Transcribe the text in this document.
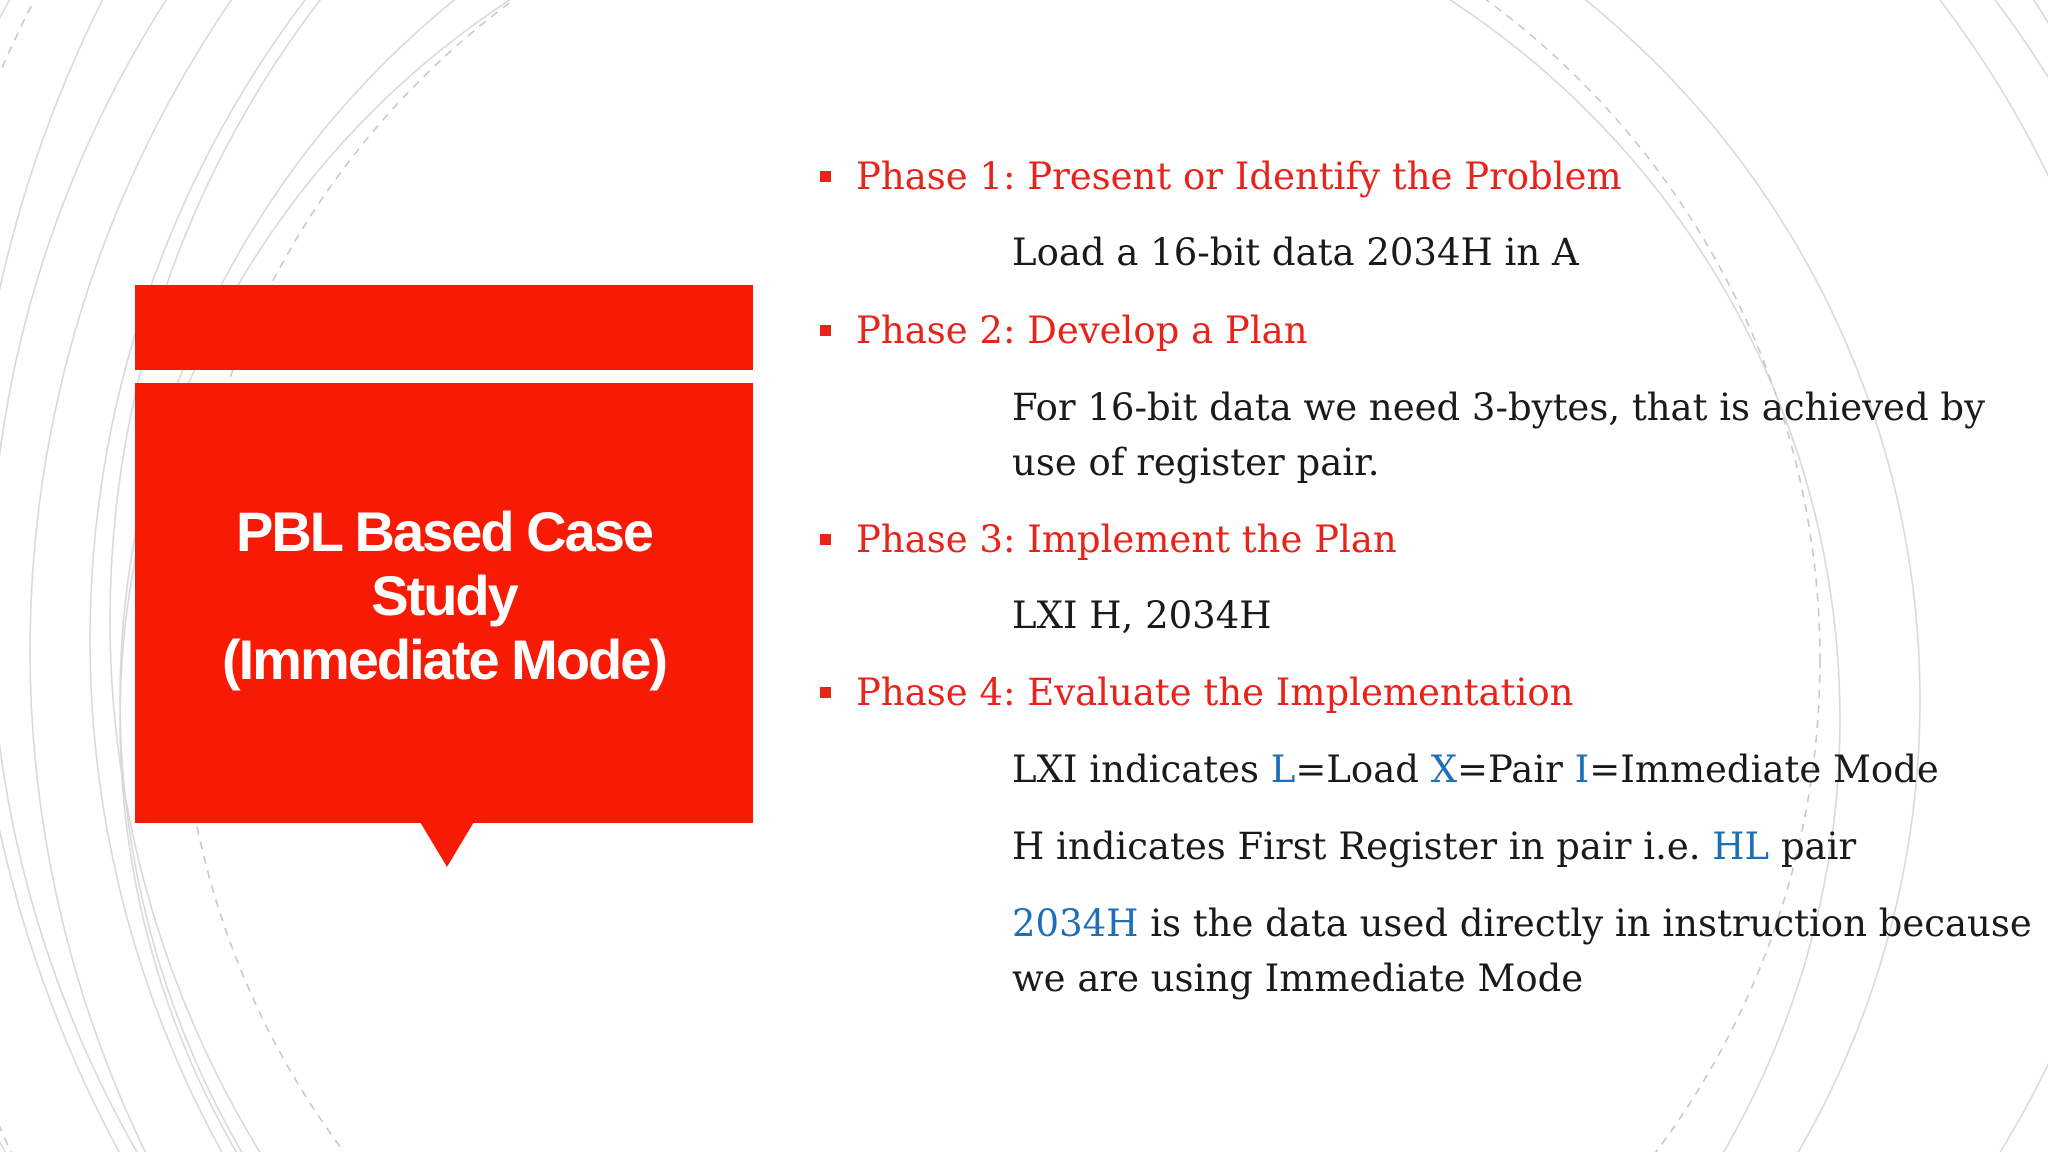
PBL Based Case Study
(Immediate Mode)
Phase 1: Present or Identify the Problem
Load a 16-bit data 2034H in A
Phase 2: Develop a Plan
For 16-bit data we need 3-bytes, that is achieved by
use of register pair.
Phase 3: Implement the Plan
LXI H, 2034H
Phase 4: Evaluate the Implementation
LXI indicates L=Load X=Pair I=Immediate Mode
H indicates First Register in pair i.e. HL pair
2034H is the data used directly in instruction because
we are using Immediate Mode
